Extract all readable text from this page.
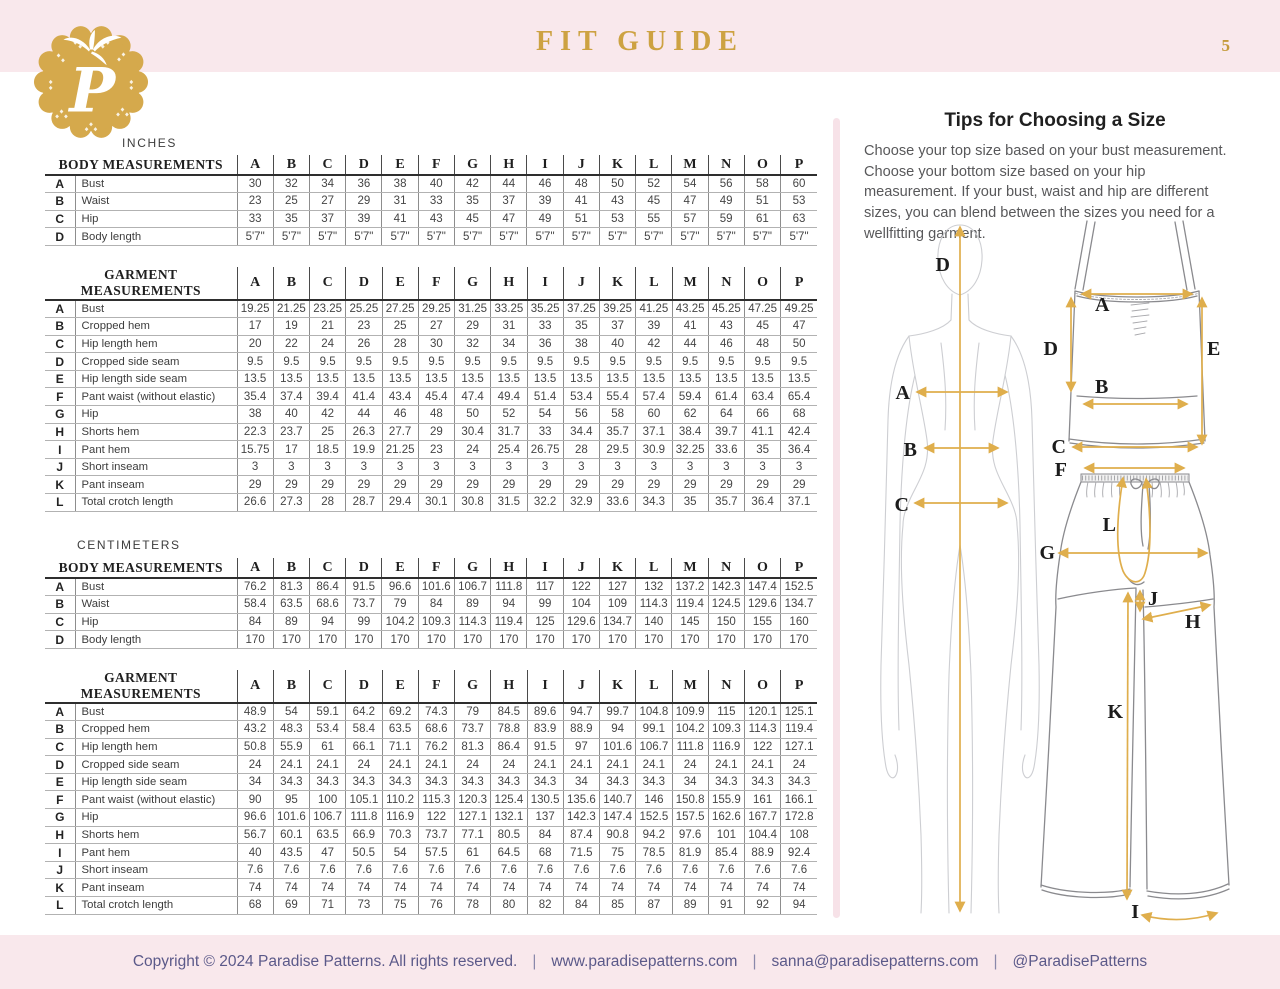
FIT GUIDE	5
P
INCHES
CENTIMETERS
BODY MEASUREMENTS		A	B	C	D	E	F	G	H	I	J	K	L	M	N	O	P
A	Bust	30	32	34	36	38	40	42	44	46	48	50	52	54	56	58	60
B	Waist	23	25	27	29	31	33	35	37	39	41	43	45	47	49	51	53
C	Hip	33	35	37	39	41	43	45	47	49	51	53	55	57	59	61	63
D	Body length	5'7"	5'7"	5'7"	5'7"	5'7"	5'7"	5'7"	5'7"	5'7"	5'7"	5'7"	5'7"	5'7"	5'7"	5'7"	5'7"
GARMENT MEASUREMENTS		A	B	C	D	E	F	G	H	I	J	K	L	M	N	O	P
A	Bust	19.25	21.25	23.25	25.25	27.25	29.25	31.25	33.25	35.25	37.25	39.25	41.25	43.25	45.25	47.25	49.25
B	Cropped hem	17	19	21	23	25	27	29	31	33	35	37	39	41	43	45	47
C	Hip length hem	20	22	24	26	28	30	32	34	36	38	40	42	44	46	48	50
D	Cropped side seam	9.5	9.5	9.5	9.5	9.5	9.5	9.5	9.5	9.5	9.5	9.5	9.5	9.5	9.5	9.5	9.5
E	Hip length side seam	13.5	13.5	13.5	13.5	13.5	13.5	13.5	13.5	13.5	13.5	13.5	13.5	13.5	13.5	13.5	13.5
F	Pant waist (without elastic)	35.4	37.4	39.4	41.4	43.4	45.4	47.4	49.4	51.4	53.4	55.4	57.4	59.4	61.4	63.4	65.4
G	Hip	38	40	42	44	46	48	50	52	54	56	58	60	62	64	66	68
H	Shorts hem	22.3	23.7	25	26.3	27.7	29	30.4	31.7	33	34.4	35.7	37.1	38.4	39.7	41.1	42.4
I	Pant hem	15.75	17	18.5	19.9	21.25	23	24	25.4	26.75	28	29.5	30.9	32.25	33.6	35	36.4
J	Short inseam	3	3	3	3	3	3	3	3	3	3	3	3	3	3	3	3
K	Pant inseam	29	29	29	29	29	29	29	29	29	29	29	29	29	29	29	29
L	Total crotch length	26.6	27.3	28	28.7	29.4	30.1	30.8	31.5	32.2	32.9	33.6	34.3	35	35.7	36.4	37.1
BODY MEASUREMENTS		A	B	C	D	E	F	G	H	I	J	K	L	M	N	O	P
A	Bust	76.2	81.3	86.4	91.5	96.6	101.6	106.7	111.8	117	122	127	132	137.2	142.3	147.4	152.5
B	Waist	58.4	63.5	68.6	73.7	79	84	89	94	99	104	109	114.3	119.4	124.5	129.6	134.7
C	Hip	84	89	94	99	104.2	109.3	114.3	119.4	125	129.6	134.7	140	145	150	155	160
D	Body length	170	170	170	170	170	170	170	170	170	170	170	170	170	170	170	170
GARMENT MEASUREMENTS		A	B	C	D	E	F	G	H	I	J	K	L	M	N	O	P
A	Bust	48.9	54	59.1	64.2	69.2	74.3	79	84.5	89.6	94.7	99.7	104.8	109.9	115	120.1	125.1
B	Cropped hem	43.2	48.3	53.4	58.4	63.5	68.6	73.7	78.8	83.9	88.9	94	99.1	104.2	109.3	114.3	119.4
C	Hip length hem	50.8	55.9	61	66.1	71.1	76.2	81.3	86.4	91.5	97	101.6	106.7	111.8	116.9	122	127.1
D	Cropped side seam	24	24.1	24.1	24	24.1	24.1	24	24	24.1	24.1	24.1	24.1	24	24.1	24.1	24
E	Hip length side seam	34	34.3	34.3	34.3	34.3	34.3	34.3	34.3	34.3	34	34.3	34.3	34	34.3	34.3	34.3
F	Pant waist (without elastic)	90	95	100	105.1	110.2	115.3	120.3	125.4	130.5	135.6	140.7	146	150.8	155.9	161	166.1
G	Hip	96.6	101.6	106.7	111.8	116.9	122	127.1	132.1	137	142.3	147.4	152.5	157.5	162.6	167.7	172.8
H	Shorts hem	56.7	60.1	63.5	66.9	70.3	73.7	77.1	80.5	84	87.4	90.8	94.2	97.6	101	104.4	108
I	Pant hem	40	43.5	47	50.5	54	57.5	61	64.5	68	71.5	75	78.5	81.9	85.4	88.9	92.4
J	Short inseam	7.6	7.6	7.6	7.6	7.6	7.6	7.6	7.6	7.6	7.6	7.6	7.6	7.6	7.6	7.6	7.6
K	Pant inseam	74	74	74	74	74	74	74	74	74	74	74	74	74	74	74	74
L	Total crotch length	68	69	71	73	75	76	78	80	82	84	85	87	89	91	92	94
Tips for Choosing a Size
Choose your top size based on your bust measurement. Choose your bottom size based on your hip measurement. If your bust, waist and hip are different sizes, you can blend between the sizes you need for a wellfitting garment.
D
A
B
C
A
D	E
B
C
F
L
G
J
H
K
I
Copyright © 2024 Paradise Patterns. All rights reserved. | www.paradisepatterns.com | sanna@paradisepatterns.com | @ParadisePatterns
